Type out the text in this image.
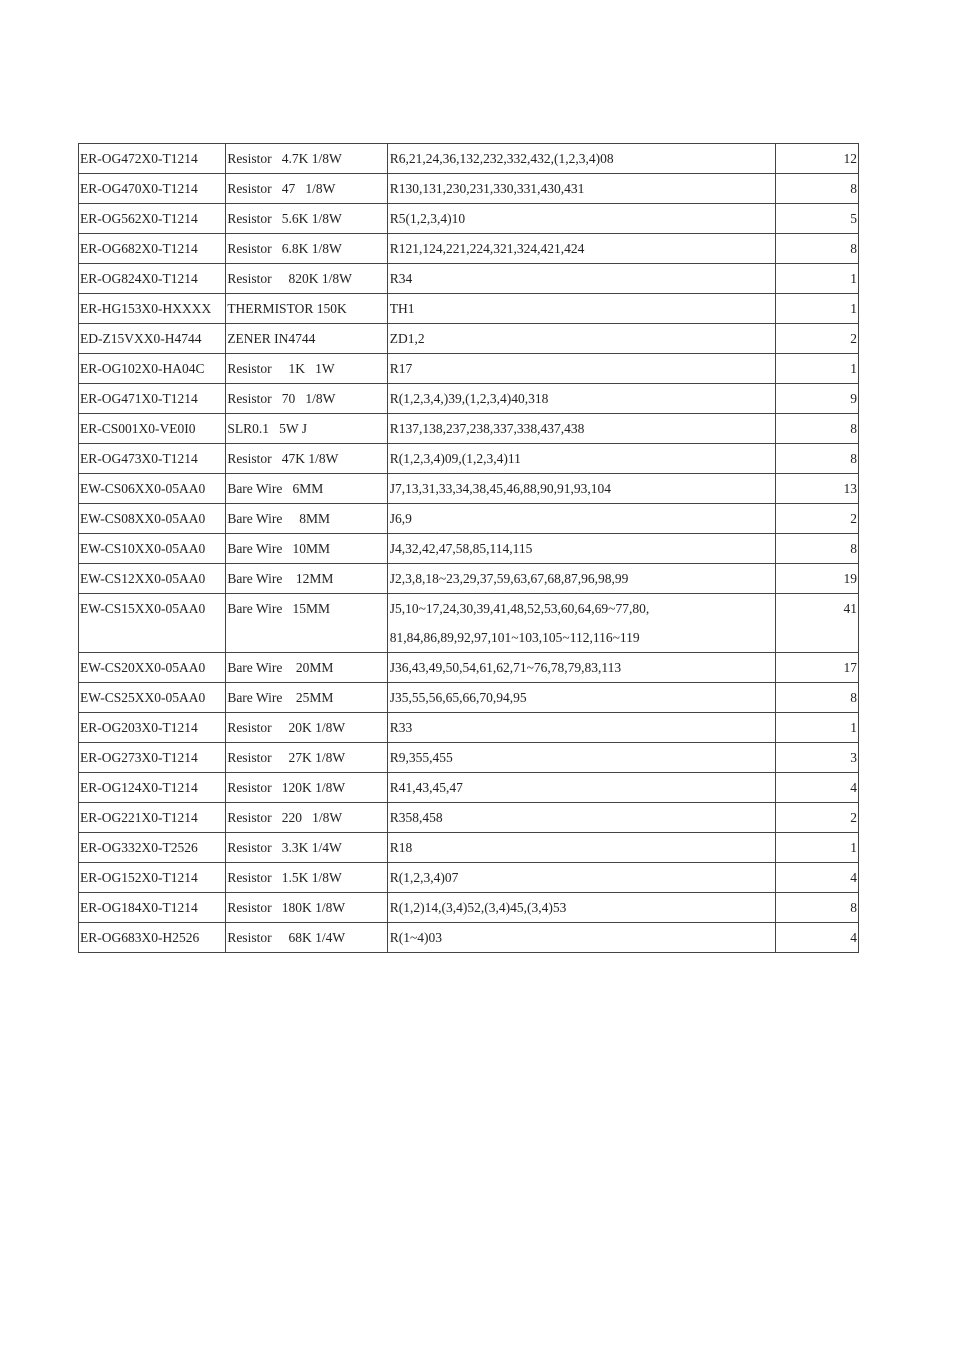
ER-OG472X0-T1214	Resistor   4.7K 1/8W	R6,21,24,36,132,232,332,432,(1,2,3,4)08	12
ER-OG470X0-T1214	Resistor   47   1/8W	R130,131,230,231,330,331,430,431	8
ER-OG562X0-T1214	Resistor   5.6K 1/8W	R5(1,2,3,4)10	5
ER-OG682X0-T1214	Resistor   6.8K 1/8W	R121,124,221,224,321,324,421,424	8
ER-OG824X0-T1214	Resistor     820K 1/8W	R34	1
ER-HG153X0-HXXXX	THERMISTOR 150K	TH1	1
ED-Z15VXX0-H4744	ZENER IN4744	ZD1,2	2
ER-OG102X0-HA04C	Resistor     1K   1W	R17	1
ER-OG471X0-T1214	Resistor   70   1/8W	R(1,2,3,4,)39,(1,2,3,4)40,318	9
ER-CS001X0-VE0I0	SLR0.1   5W J	R137,138,237,238,337,338,437,438	8
ER-OG473X0-T1214	Resistor   47K 1/8W	R(1,2,3,4)09,(1,2,3,4)11	8
EW-CS06XX0-05AA0	Bare Wire   6MM	J7,13,31,33,34,38,45,46,88,90,91,93,104	13
EW-CS08XX0-05AA0	Bare Wire     8MM	J6,9	2
EW-CS10XX0-05AA0	Bare Wire   10MM	J4,32,42,47,58,85,114,115	8
EW-CS12XX0-05AA0	Bare Wire    12MM	J2,3,8,18~23,29,37,59,63,67,68,87,96,98,99	19
EW-CS15XX0-05AA0	Bare Wire   15MM	J5,10~17,24,30,39,41,48,52,53,60,64,69~77,80,	41
		81,84,86,89,92,97,101~103,105~112,116~119	
EW-CS20XX0-05AA0	Bare Wire    20MM	J36,43,49,50,54,61,62,71~76,78,79,83,113	17
EW-CS25XX0-05AA0	Bare Wire    25MM	J35,55,56,65,66,70,94,95	8
ER-OG203X0-T1214	Resistor     20K 1/8W	R33	1
ER-OG273X0-T1214	Resistor     27K 1/8W	R9,355,455	3
ER-OG124X0-T1214	Resistor   120K 1/8W	R41,43,45,47	4
ER-OG221X0-T1214	Resistor   220   1/8W	R358,458	2
ER-OG332X0-T2526	Resistor   3.3K 1/4W	R18	1
ER-OG152X0-T1214	Resistor   1.5K 1/8W	R(1,2,3,4)07	4
ER-OG184X0-T1214	Resistor   180K 1/8W	R(1,2)14,(3,4)52,(3,4)45,(3,4)53	8
ER-OG683X0-H2526	Resistor     68K 1/4W	R(1~4)03	4
